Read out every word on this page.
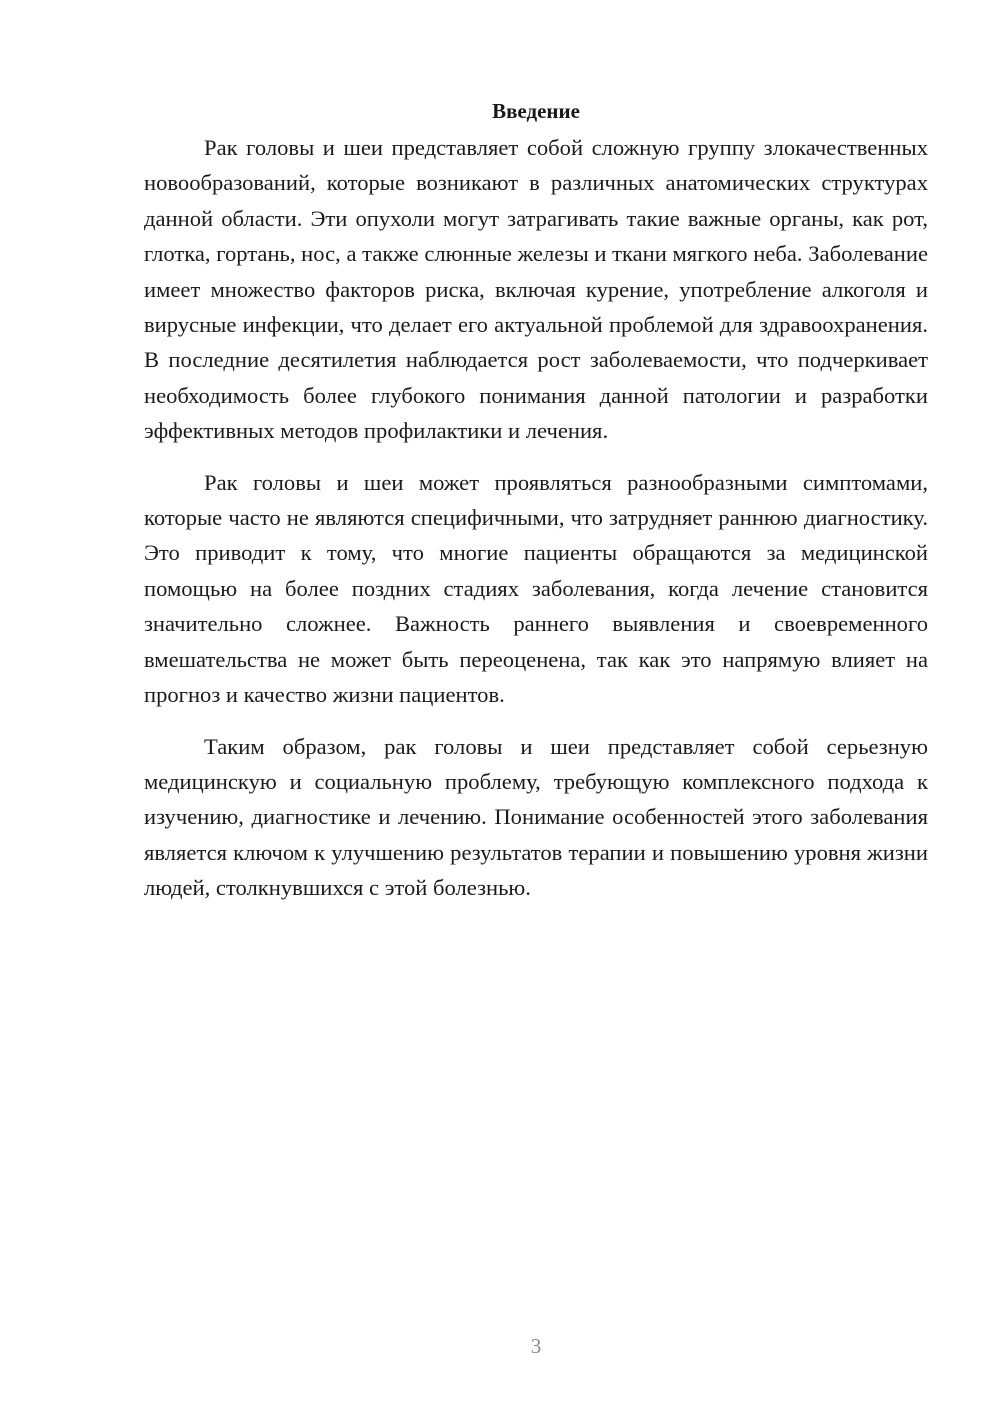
Введение

Рак головы и шеи представляет собой сложную группу злокачественных новообразований, которые возникают в различных анатомических структурах данной области. Эти опухоли могут затрагивать такие важные органы, как рот, глотка, гортань, нос, а также слюнные железы и ткани мягкого неба. Заболевание имеет множество факторов риска, включая курение, употребление алкоголя и вирусные инфекции, что делает его актуальной проблемой для здравоохранения. В последние десятилетия наблюдается рост заболеваемости, что подчеркивает необходимость более глубокого понимания данной патологии и разработки эффективных методов профилактики и лечения.

Рак головы и шеи может проявляться разнообразными симптомами, которые часто не являются специфичными, что затрудняет раннюю диагностику. Это приводит к тому, что многие пациенты обращаются за медицинской помощью на более поздних стадиях заболевания, когда лечение становится значительно сложнее. Важность раннего выявления и своевременного вмешательства не может быть переоценена, так как это напрямую влияет на прогноз и качество жизни пациентов.

Таким образом, рак головы и шеи представляет собой серьезную медицинскую и социальную проблему, требующую комплексного подхода к изучению, диагностике и лечению. Понимание особенностей этого заболевания является ключом к улучшению результатов терапии и повышению уровня жизни людей, столкнувшихся с этой болезнью.

3
